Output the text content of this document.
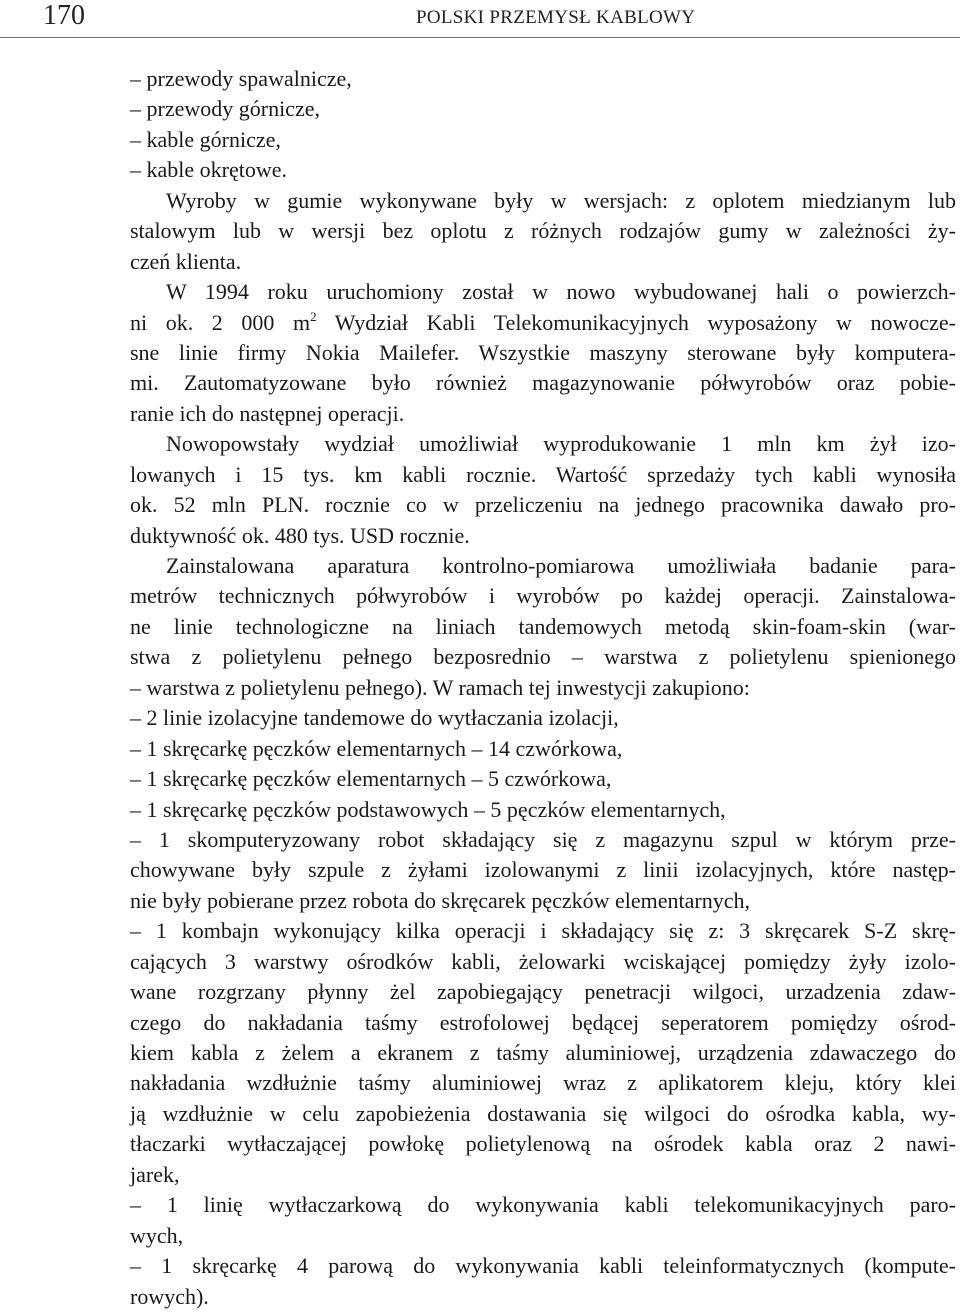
170	POLSKI PRZEMYSŁ KABLOWY
– przewody spawalnicze,
– przewody górnicze,
– kable górnicze,
– kable okrętowe.
Wyroby w gumie wykonywane były w wersjach: z oplotem miedzianym lub
stalowym lub w wersji bez oplotu z różnych rodzajów gumy w zależności ży-
czeń klienta.
W 1994 roku uruchomiony został w nowo wybudowanej hali o powierzch-
ni ok. 2 000 $m^2$ Wydział Kabli Telekomunikacyjnych wyposażony w nowocze-
sne linie firmy Nokia Mailefer. Wszystkie maszyny sterowane były komputera-
mi. Zautomatyzowane było również magazynowanie półwyrobów oraz pobie-
ranie ich do następnej operacji.
Nowopowstały wydział umożliwiał wyprodukowanie 1 mln km żył izo-
lowanych i 15 tys. km kabli rocznie. Wartość sprzedaży tych kabli wynosiła
ok. 52 mln PLN. rocznie co w przeliczeniu na jednego pracownika dawało pro-
duktywność ok. 480 tys. USD rocznie.
Zainstalowana aparatura kontrolno-pomiarowa umożliwiała badanie para-
metrów technicznych półwyrobów i wyrobów po każdej operacji. Zainstalowa-
ne linie technologiczne na liniach tandemowych metodą skin-foam-skin (war-
stwa z polietylenu pełnego bezposrednio – warstwa z polietylenu spienionego
– warstwa z polietylenu pełnego). W ramach tej inwestycji zakupiono:
– 2 linie izolacyjne tandemowe do wytłaczania izolacji,
– 1 skręcarkę pęczków elementarnych – 14 czwórkowa,
– 1 skręcarkę pęczków elementarnych – 5 czwórkowa,
– 1 skręcarkę pęczków podstawowych – 5 pęczków elementarnych,
– 1 skomputeryzowany robot składający się z magazynu szpul w którym prze-
chowywane były szpule z żyłami izolowanymi z linii izolacyjnych, które następ-
nie były pobierane przez robota do skręcarek pęczków elementarnych,
– 1 kombajn wykonujący kilka operacji i składający się z: 3 skręcarek S-Z skrę-
cających 3 warstwy ośrodków kabli, żelowarki wciskającej pomiędzy żyły izolo-
wane rozgrzany płynny żel zapobiegający penetracji wilgoci, urzadzenia zdaw-
czego do nakładania taśmy estrofolowej będącej seperatorem pomiędzy ośrod-
kiem kabla z żelem a ekranem z taśmy aluminiowej, urządzenia zdawaczego do
nakładania wzdłużnie taśmy aluminiowej wraz z aplikatorem kleju, który klei
ją wzdłużnie w celu zapobieżenia dostawania się wilgoci do ośrodka kabla, wy-
tłaczarki wytłaczającej powłokę polietylenową na ośrodek kabla oraz 2 nawi-
jarek,
– 1 linię wytłaczarkową do wykonywania kabli telekomunikacyjnych paro-
wych,
– 1 skręcarkę 4 parową do wykonywania kabli teleinformatycznych (kompute-
rowych).
